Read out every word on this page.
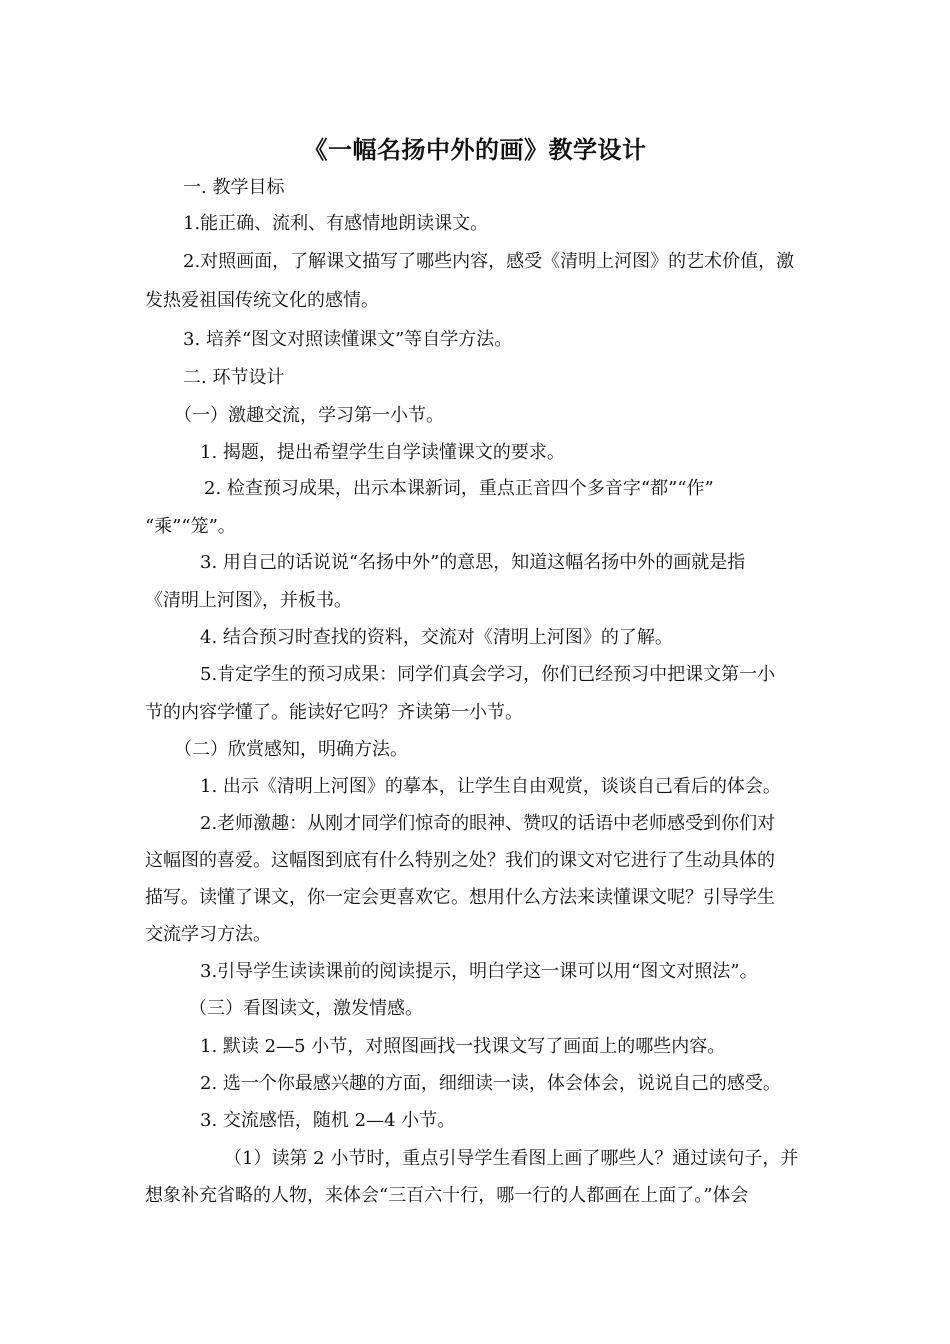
《一幅名扬中外的画》教学设计
一. 教学目标
1.能正确、流利、有感情地朗读课文。
2.对照画面，了解课文描写了哪些内容，感受《清明上河图》的艺术价值，激
发热爱祖国传统文化的感情。
3. 培养“图文对照读懂课文”等自学方法。
二. 环节设计
（一）激趣交流，学习第一小节。
1. 揭题，提出希望学生自学读懂课文的要求。
2. 检查预习成果，出示本课新词，重点正音四个多音字“都”“作”
“乘”“笼”。
3. 用自己的话说说“名扬中外”的意思，知道这幅名扬中外的画就是指
《清明上河图》，并板书。
4. 结合预习时查找的资料，交流对《清明上河图》的了解。
5.肯定学生的预习成果：同学们真会学习，你们已经预习中把课文第一小
节的内容学懂了。能读好它吗？齐读第一小节。
（二）欣赏感知，明确方法。
1. 出示《清明上河图》的摹本，让学生自由观赏，谈谈自己看后的体会。
2.老师激趣：从刚才同学们惊奇的眼神、赞叹的话语中老师感受到你们对
这幅图的喜爱。这幅图到底有什么特别之处？我们的课文对它进行了生动具体的
描写。读懂了课文，你一定会更喜欢它。想用什么方法来读懂课文呢？引导学生
交流学习方法。
3.引导学生读读课前的阅读提示，明白学这一课可以用“图文对照法”。
（三）看图读文，激发情感。
1. 默读 2—5 小节，对照图画找一找课文写了画面上的哪些内容。
2. 选一个你最感兴趣的方面，细细读一读，体会体会，说说自己的感受。
3. 交流感悟，随机 2—4 小节。
（1）读第 2 小节时，重点引导学生看图上画了哪些人？通过读句子，并
想象补充省略的人物，来体会“三百六十行，哪一行的人都画在上面了。”体会
